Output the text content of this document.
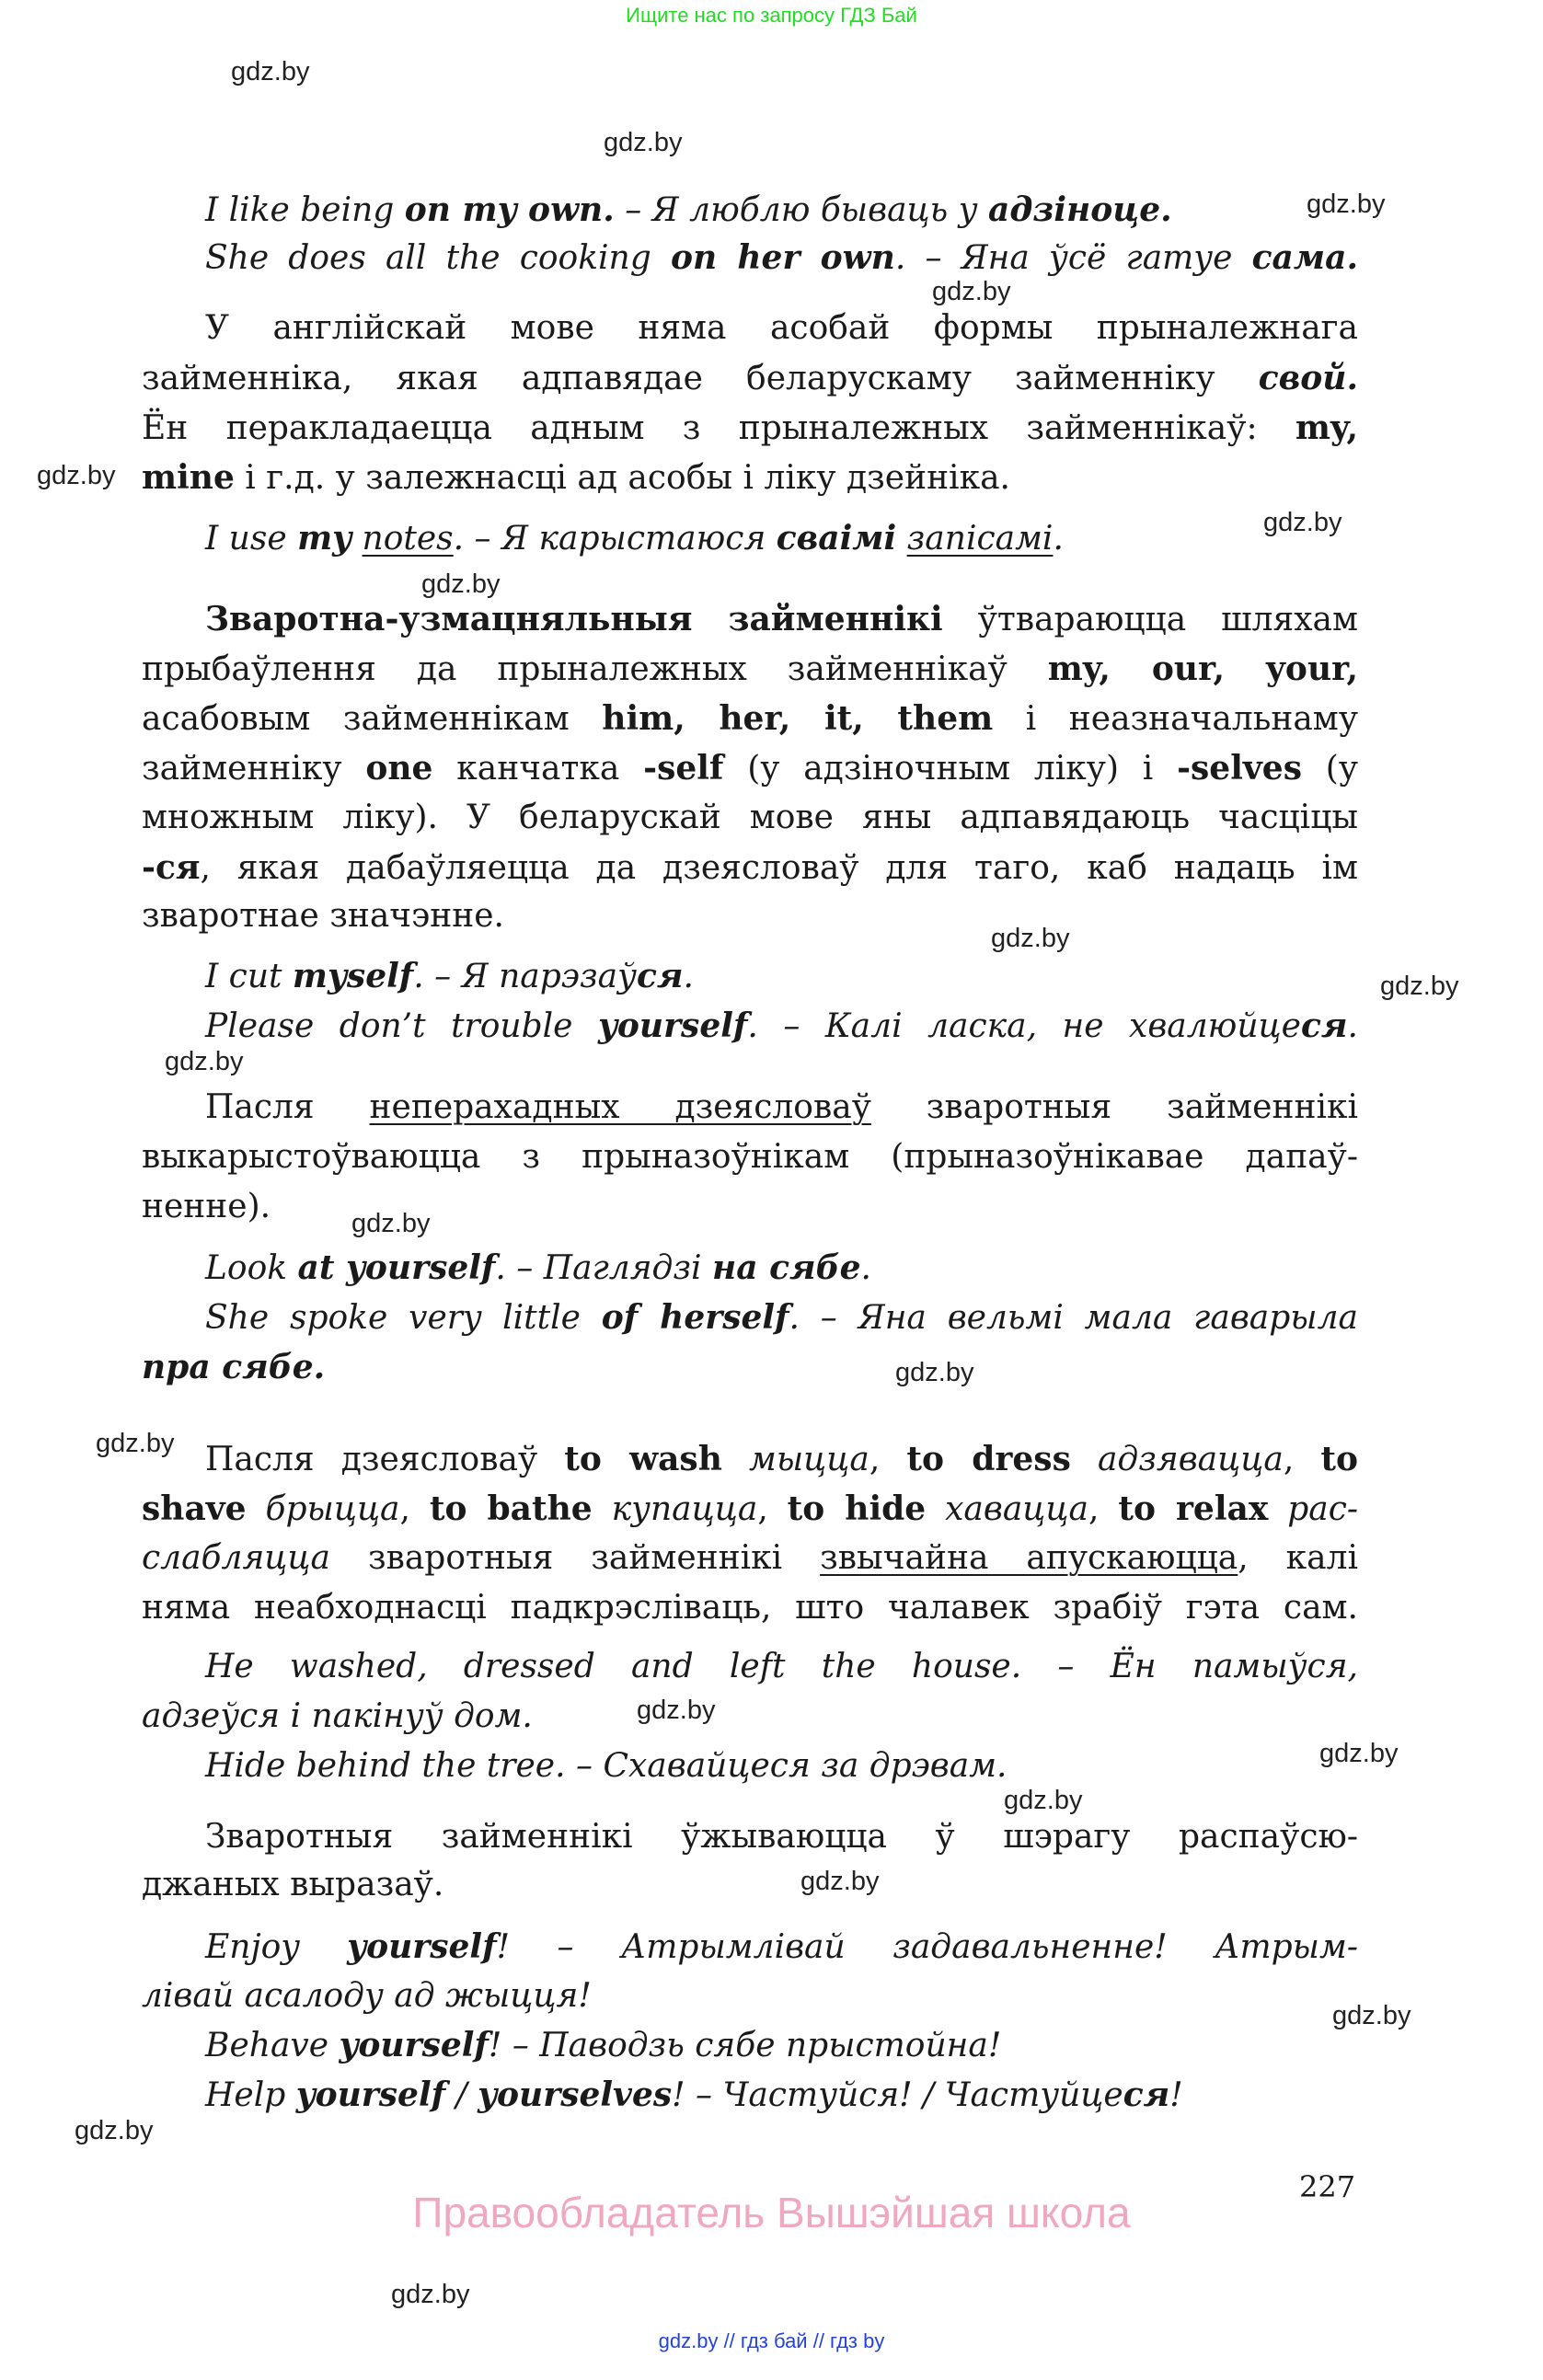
Ищите нас по запросу ГДЗ Бай
I like being on my own. – Я люблю бываць у адзіноце.
She does all the cooking on her own. – Яна ўсё гатуе сама.
У англійскай мове няма асобай формы прыналежнага
займенніка, якая адпавядае беларускаму займенніку свой.
Ён перакладаецца адным з прыналежных займеннікаў: my,
mine і г.д. у залежнасці ад асобы і ліку дзейніка.
I use my notes. – Я карыстаюся сваімі запісамі.
Зваротна-узмацняльныя займеннікі ўтвараюцца шляхам
прыбаўлення да прыналежных займеннікаў my, our, your,
асабовым займеннікам him, her, it, them і неазначальнаму
займенніку one канчатка -self (у адзіночным ліку) і -selves (у
множным ліку). У беларускай мове яны адпавядаюць часціцы
-ся, якая дабаўляецца да дзеясловаў для таго, каб надаць ім
зваротнае значэнне.
I cut myself. – Я парэзаўся.
Please don’t trouble yourself. – Калі ласка, не хвалюйцеся.
Пасля неперахадных дзеясловаў зваротныя займеннікі
выкарыстоўваюцца з прыназоўнікам (прыназоўнікавае дапаў-
ненне).
Look at yourself. – Паглядзі на сябе.
She spoke very little of herself. – Яна вельмі мала гаварыла
пра сябе.
Пасля дзеясловаў to wash мыцца, to dress адзявацца, to
shave брыцца, to bathe купацца, to hide хавацца, to relax рас-
слабляцца зваротныя займеннікі звычайна апускаюцца, калі
няма неабходнасці падкрэсліваць, што чалавек зрабіў гэта сам.
He washed, dressed and left the house. – Ён памыўся,
адзеўся і пакінуў дом.
Hide behind the tree. – Схавайцеся за дрэвам.
Зваротныя займеннікі ўжываюцца ў шэрагу распаўсю-
джаных выразаў.
Enjoy yourself! – Атрымлівай задавальненне! Атрым-
лівай асалоду ад жыцця!
Behave yourself! – Паводзь сябе прыстойна!
Help yourself / yourselves! – Частуйся! / Частуйцеся!
gdz.by
gdz.by
gdz.by
gdz.by
gdz.by
gdz.by
gdz.by
gdz.by
gdz.by
gdz.by
gdz.by
gdz.by
gdz.by
gdz.by
gdz.by
gdz.by
gdz.by
gdz.by
gdz.by
gdz.by
227
Правообладатель Вышэйшая школа
gdz.by // гдз бай // гдз by
